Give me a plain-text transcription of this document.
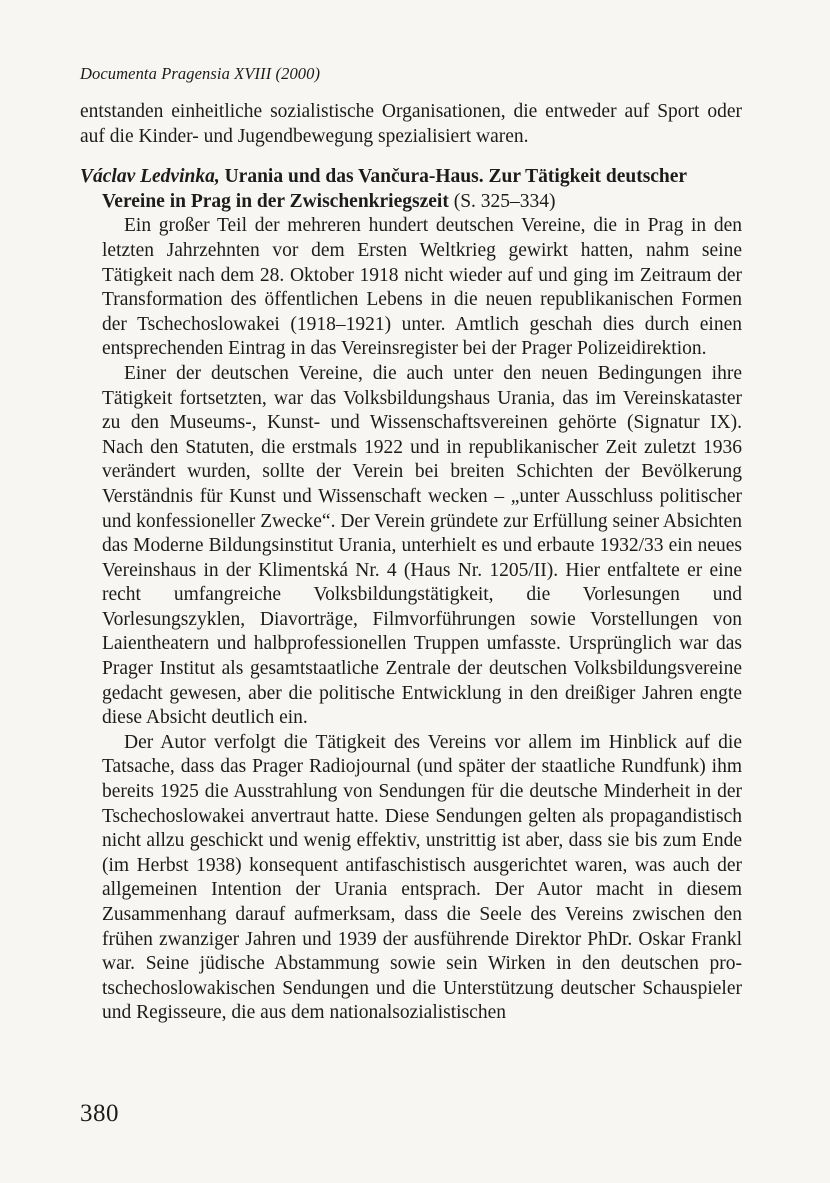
Documenta Pragensia XVIII (2000)

entstanden einheitliche sozialistische Organisationen, die entweder auf Sport oder auf die Kinder- und Jugendbewegung spezialisiert waren.

Václav Ledvinka, Urania und das Vančura-Haus. Zur Tätigkeit deutscher Vereine in Prag in der Zwischenkriegszeit (S. 325–334)

Ein großer Teil der mehreren hundert deutschen Vereine, die in Prag in den letzten Jahrzehnten vor dem Ersten Weltkrieg gewirkt hatten, nahm seine Tätigkeit nach dem 28. Oktober 1918 nicht wieder auf und ging im Zeitraum der Transformation des öffentlichen Lebens in die neuen republikanischen Formen der Tschechoslowakei (1918–1921) unter. Amtlich geschah dies durch einen entsprechenden Eintrag in das Vereinsregister bei der Prager Polizeidirektion.

Einer der deutschen Vereine, die auch unter den neuen Bedingungen ihre Tätigkeit fortsetzten, war das Volksbildungshaus Urania, das im Vereinskataster zu den Museums-, Kunst- und Wissenschaftsvereinen gehörte (Signatur IX). Nach den Statuten, die erstmals 1922 und in republikanischer Zeit zuletzt 1936 verändert wurden, sollte der Verein bei breiten Schichten der Bevölkerung Verständnis für Kunst und Wissenschaft wecken – „unter Ausschluss politischer und konfessioneller Zwecke“. Der Verein gründete zur Erfüllung seiner Absichten das Moderne Bildungsinstitut Urania, unterhielt es und erbaute 1932/33 ein neues Vereinshaus in der Klimentská Nr. 4 (Haus Nr. 1205/II). Hier entfaltete er eine recht umfangreiche Volksbildungstätigkeit, die Vorlesungen und Vorlesungszyklen, Diavorträge, Filmvorführungen sowie Vorstellungen von Laientheatern und halbprofessionellen Truppen umfasste. Ursprünglich war das Prager Institut als gesamtstaatliche Zentrale der deutschen Volksbildungsvereine gedacht gewesen, aber die politische Entwicklung in den dreißiger Jahren engte diese Absicht deutlich ein.

Der Autor verfolgt die Tätigkeit des Vereins vor allem im Hinblick auf die Tatsache, dass das Prager Radiojournal (und später der staatliche Rundfunk) ihm bereits 1925 die Ausstrahlung von Sendungen für die deutsche Minderheit in der Tschechoslowakei anvertraut hatte. Diese Sendungen gelten als propagandistisch nicht allzu geschickt und wenig effektiv, unstrittig ist aber, dass sie bis zum Ende (im Herbst 1938) konsequent antifaschistisch ausgerichtet waren, was auch der allgemeinen Intention der Urania entsprach. Der Autor macht in diesem Zusammenhang darauf aufmerksam, dass die Seele des Vereins zwischen den frühen zwanziger Jahren und 1939 der ausführende Direktor PhDr. Oskar Frankl war. Seine jüdische Abstammung sowie sein Wirken in den deutschen pro-tschechoslowakischen Sendungen und die Unterstützung deutscher Schauspieler und Regisseure, die aus dem nationalsozialistischen

380
